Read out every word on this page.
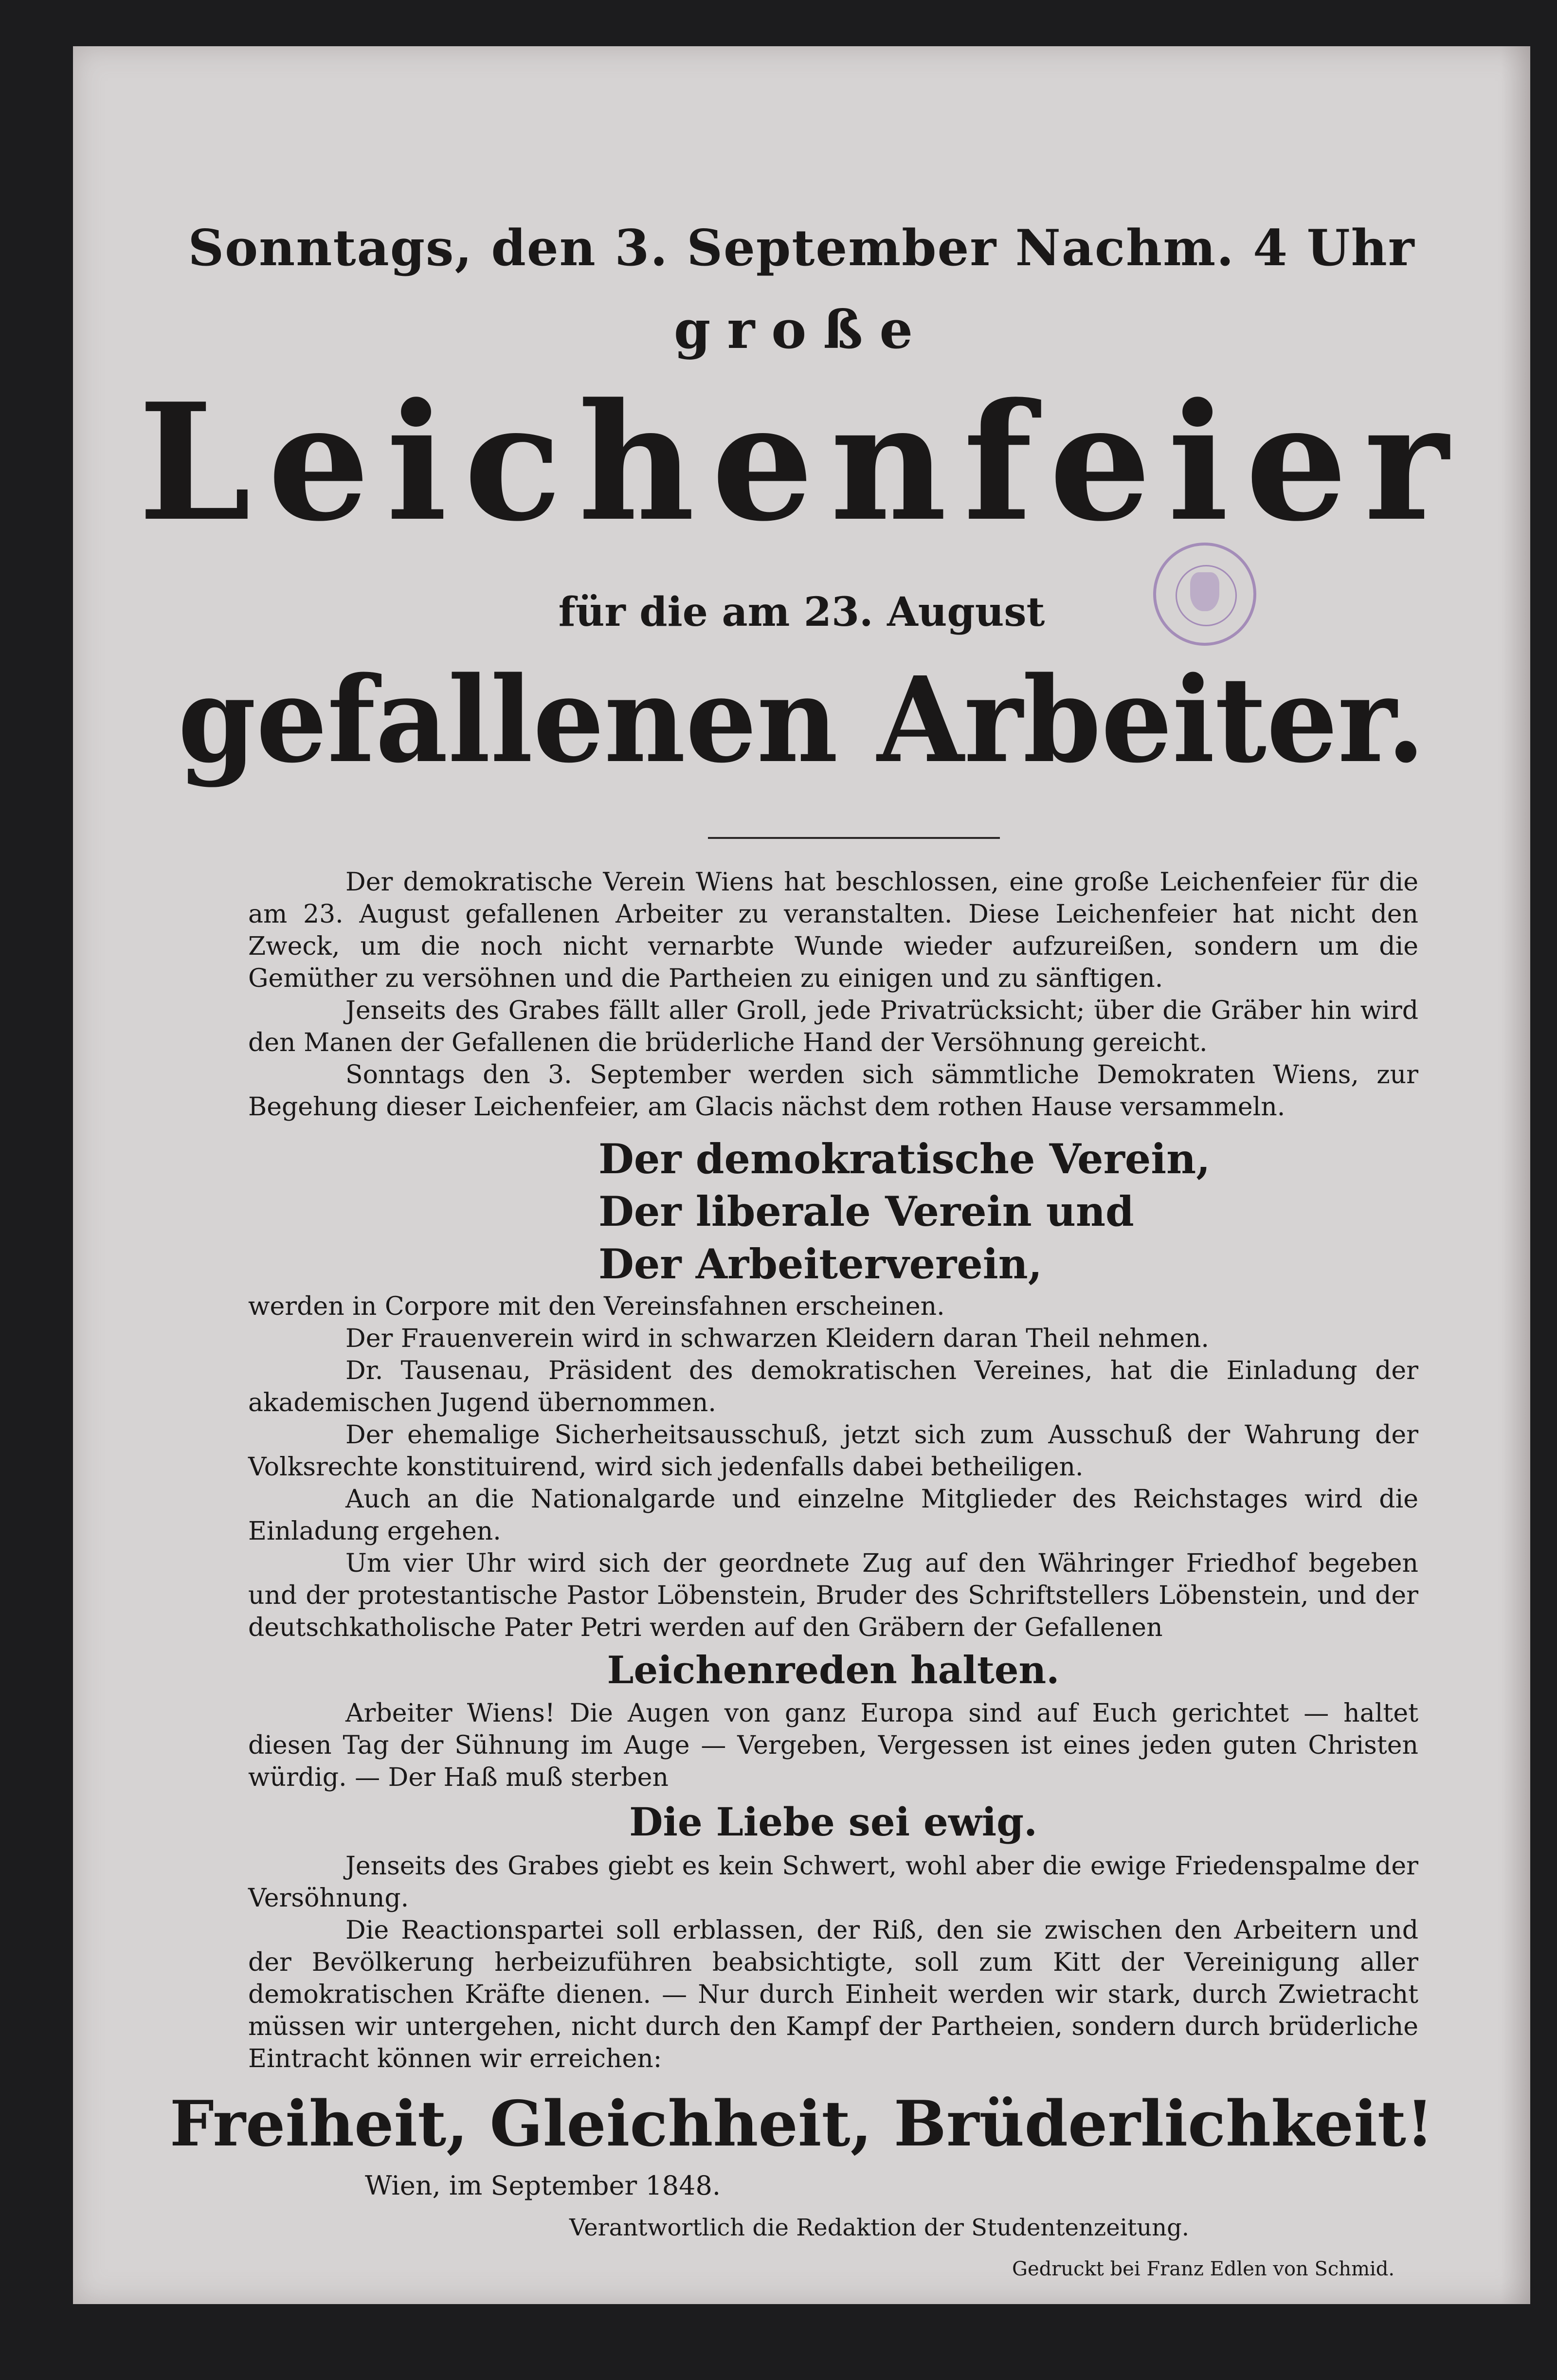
Sonntags, den 3. September Nachm. 4 Uhr
große
Leichenfeier
für die am 23. August
gefallenen Arbeiter.

Der demokratische Verein Wiens hat beschlossen, eine große Leichenfeier für die am 23. August gefallenen Arbeiter zu veranstalten. Diese Leichenfeier hat nicht den Zweck, um die noch nicht vernarbte Wunde wieder aufzureißen, sondern um die Gemüther zu versöhnen und die Partheien zu einigen und zu sänftigen.

Jenseits des Grabes fällt aller Groll, jede Privatrücksicht; über die Gräber hin wird den Manen der Gefallenen die brüderliche Hand der Versöhnung gereicht.

Sonntags den 3. September werden sich sämmtliche Demokraten Wiens, zur Begehung dieser Leichenfeier, am Glacis nächst dem rothen Hause versammeln.

Der demokratische Verein,
Der liberale Verein und
Der Arbeiterverein,

werden in Corpore mit den Vereinsfahnen erscheinen.

Der Frauenverein wird in schwarzen Kleidern daran Theil nehmen.

Dr. Tausenau, Präsident des demokratischen Vereines, hat die Einladung der akademischen Jugend übernommen.

Der ehemalige Sicherheitsausschuß, jetzt sich zum Ausschuß der Wahrung der Volksrechte konstituirend, wird sich jedenfalls dabei betheiligen.

Auch an die Nationalgarde und einzelne Mitglieder des Reichstages wird die Einladung ergehen.

Um vier Uhr wird sich der geordnete Zug auf den Währinger Friedhof begeben und der protestantische Pastor Löbenstein, Bruder des Schriftstellers Löbenstein, und der deutschkatholische Pater Petri werden auf den Gräbern der Gefallenen

Leichenreden halten.

Arbeiter Wiens! Die Augen von ganz Europa sind auf Euch gerichtet — haltet diesen Tag der Sühnung im Auge — Vergeben, Vergessen ist eines jeden guten Christen würdig. — Der Haß muß sterben

Die Liebe sei ewig.

Jenseits des Grabes giebt es kein Schwert, wohl aber die ewige Friedenspalme der Versöhnung.

Die Reactionspartei soll erblassen, der Riß, den sie zwischen den Arbeitern und der Bevölkerung herbeizuführen beabsichtigte, soll zum Kitt der Vereinigung aller demokratischen Kräfte dienen. — Nur durch Einheit werden wir stark, durch Zwietracht müssen wir untergehen, nicht durch den Kampf der Partheien, sondern durch brüderliche Eintracht können wir erreichen:

Freiheit, Gleichheit, Brüderlichkeit!
Wien, im September 1848.
Verantwortlich die Redaktion der Studentenzeitung.
Gedruckt bei Franz Edlen von Schmid.
